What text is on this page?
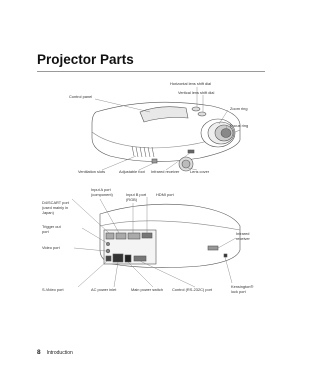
Projector Parts
Horizontal lens shift dial
Vertical lens shift dial
Control panel
Zoom ring
Focus ring
Ventilation slots	Adjustable foot Infrared receiver	Lens cover
Input A port
(component)	Input B port
(RGB)
HDMI port
D4/SCART port
(used mainly in
Japan)
Trigger out
port
Video port
Infrared
receiver
S-Video port	AC power inlet	Main power switch Control (RS-232C) port
Kensington®
lock port
8 Introduction
